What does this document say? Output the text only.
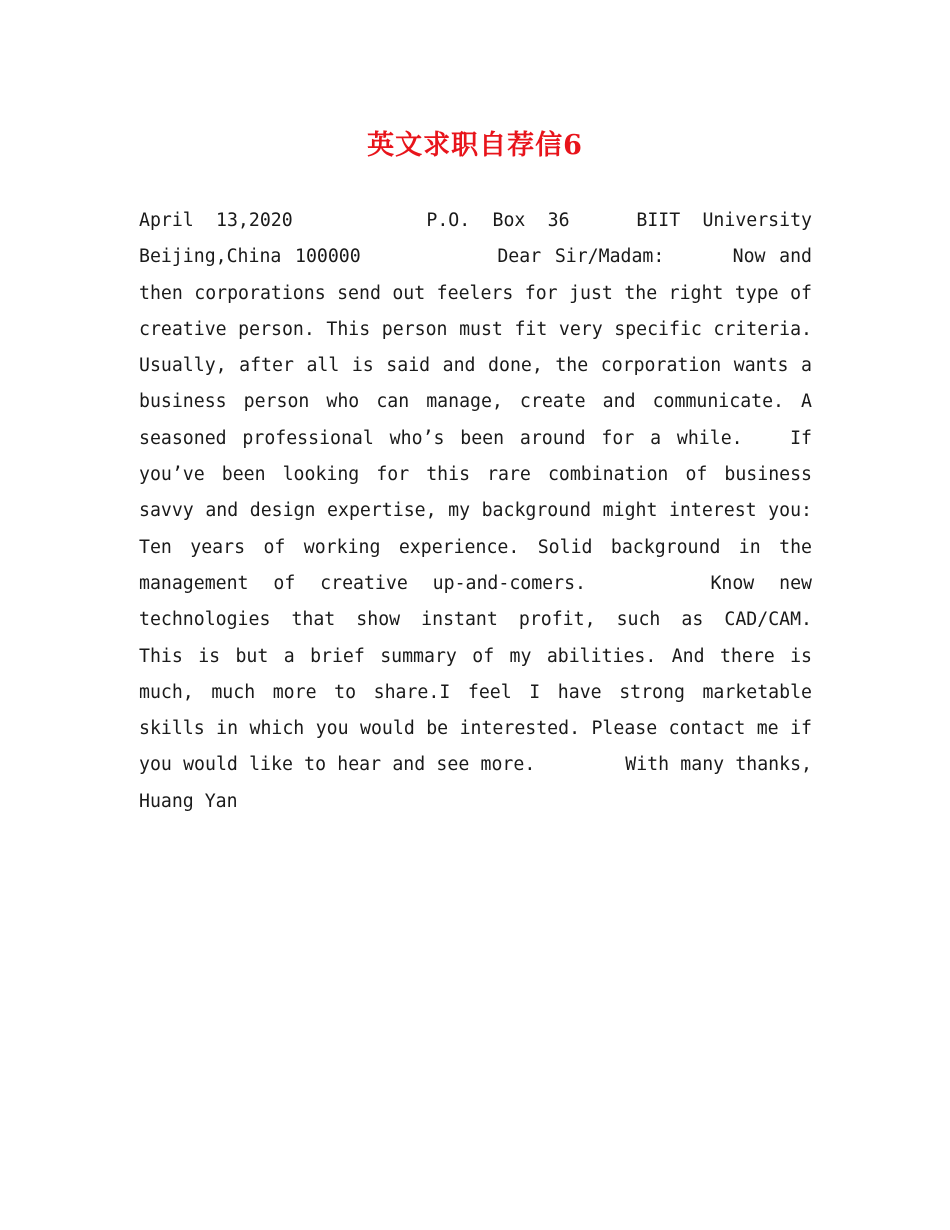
英文求职自荐信6

April  13,2020            P.O.  Box  36      BIIT  University  Beijing,China 100000          Dear Sir/Madam:     Now and then corporations send out feelers for just the right type of creative person. This person must fit very specific criteria. Usually, after all is said and done, the corporation wants a business person who can manage, create and communicate. A seasoned professional who’s been around for a while.   If you’ve been looking for this rare combination of business savvy and design expertise, my background might interest you: Ten years of working experience. Solid background in the management of creative up-and-comers.     Know new technologies that show instant profit, such as CAD/CAM.      This is but a brief summary of my abilities. And there is much, much more to share.I feel I have strong marketable skills in which you would be interested. Please contact me if you would like to hear and see more.        With many thanks,        Huang Yan
